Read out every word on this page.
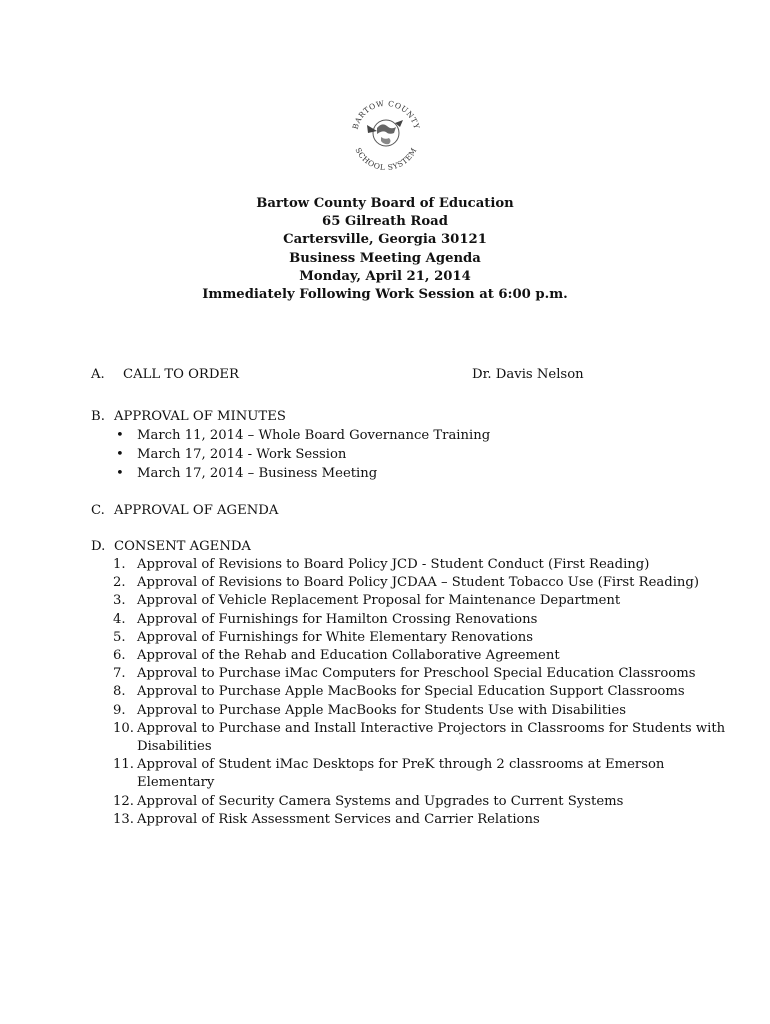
BARTOW COUNTY
SCHOOL SYSTEM
Bartow County Board of Education
65 Gilreath Road
Cartersville, Georgia 30121
Business Meeting Agenda
Monday, April 21, 2014
Immediately Following Work Session at 6:00 p.m.
A. CALL TO ORDER	Dr. Davis Nelson
B. APPROVAL OF MINUTES
• March 11, 2014 – Whole Board Governance Training
• March 17, 2014 - Work Session
• March 17, 2014 – Business Meeting
C. APPROVAL OF AGENDA
D. CONSENT AGENDA
1. Approval of Revisions to Board Policy JCD - Student Conduct (First Reading)
2. Approval of Revisions to Board Policy JCDAA – Student Tobacco Use (First Reading)
3. Approval of Vehicle Replacement Proposal for Maintenance Department
4. Approval of Furnishings for Hamilton Crossing Renovations
5. Approval of Furnishings for White Elementary Renovations
6. Approval of the Rehab and Education Collaborative Agreement
7. Approval to Purchase iMac Computers for Preschool Special Education Classrooms
8. Approval to Purchase Apple MacBooks for Special Education Support Classrooms
9. Approval to Purchase Apple MacBooks for Students Use with Disabilities
10. Approval to Purchase and Install Interactive Projectors in Classrooms for Students with Disabilities
11. Approval of Student iMac Desktops for PreK through 2 classrooms at Emerson Elementary
12. Approval of Security Camera Systems and Upgrades to Current Systems
13. Approval of Risk Assessment Services and Carrier Relations
